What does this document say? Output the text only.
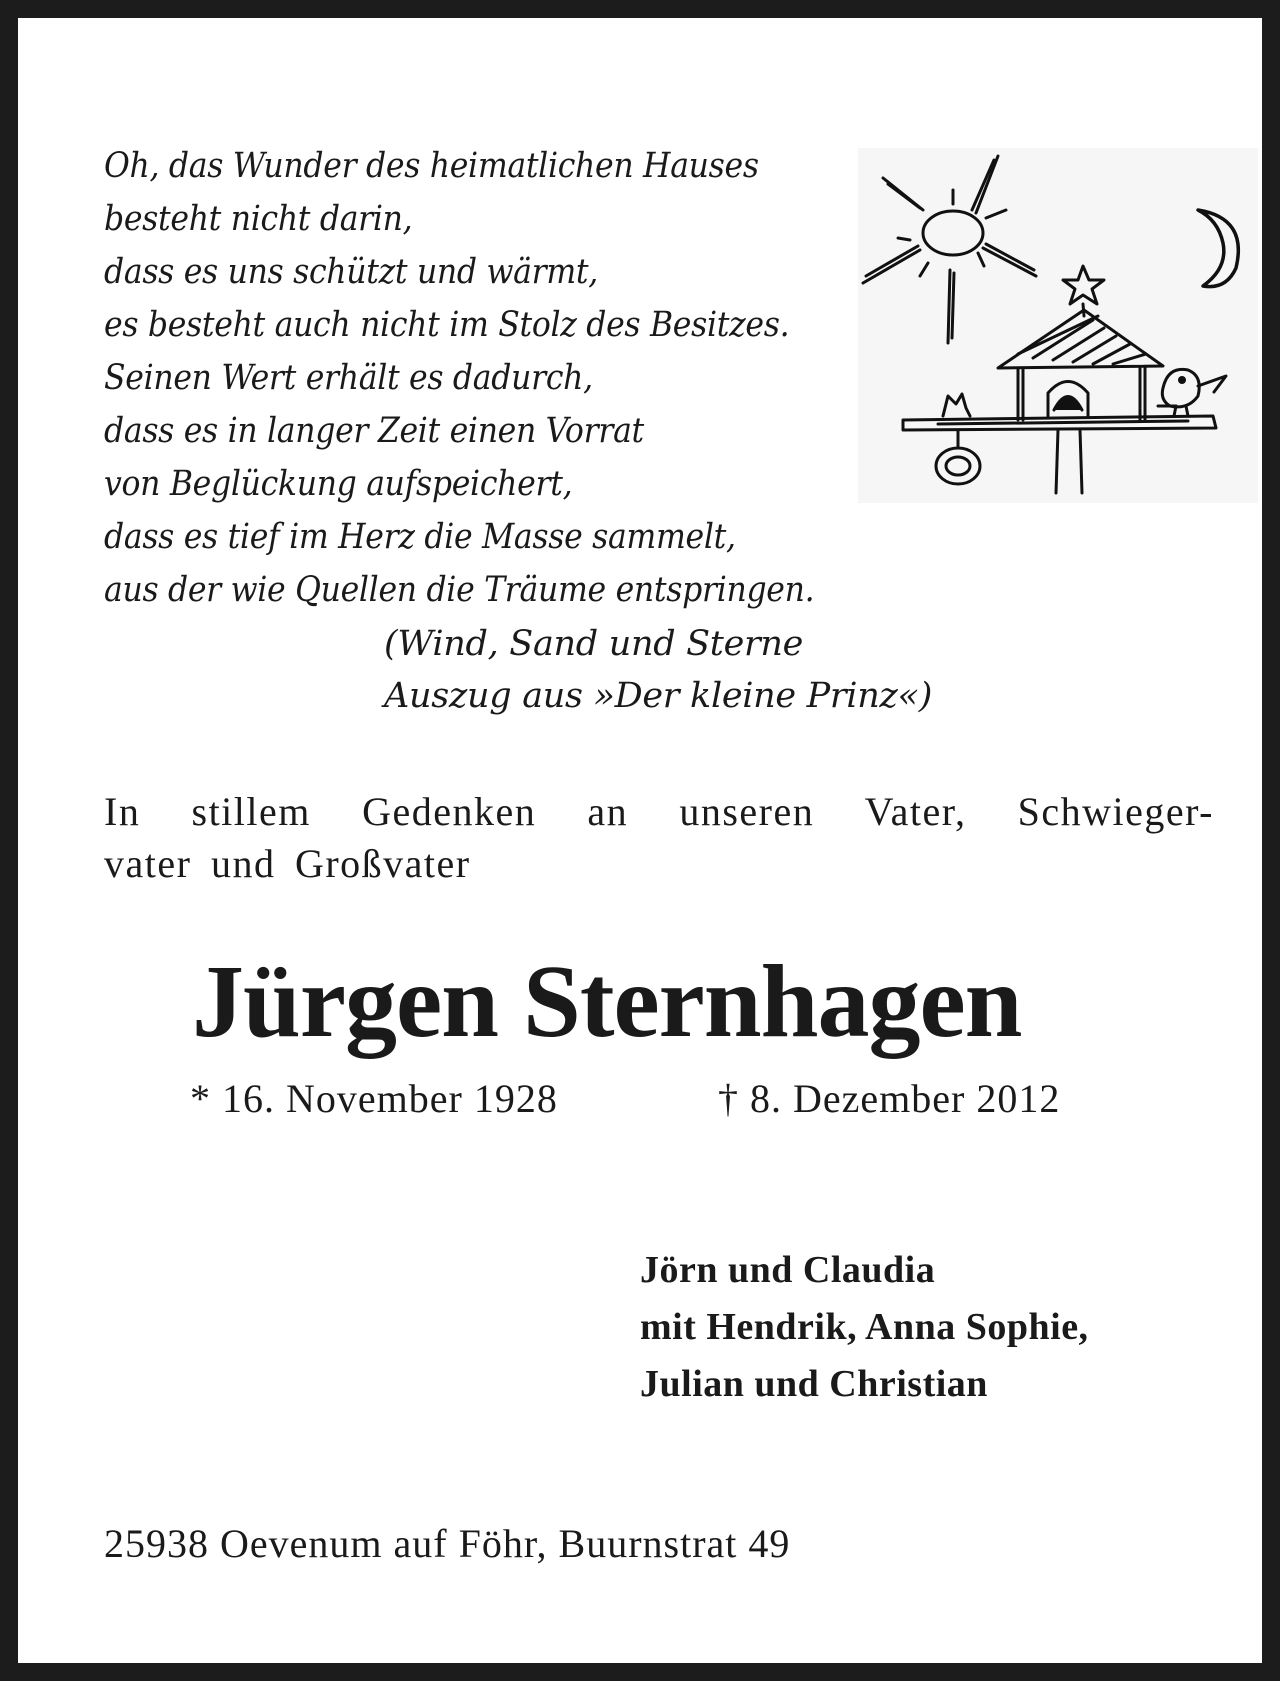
Oh, das Wunder des heimatlichen Hauses
besteht nicht darin,
dass es uns schützt und wärmt,
es besteht auch nicht im Stolz des Besitzes.
Seinen Wert erhält es dadurch,
dass es in langer Zeit einen Vorrat
von Beglückung aufspeichert,
dass es tief im Herz die Masse sammelt,
aus der wie Quellen die Träume entspringen.
(Wind, Sand und Sterne
Auszug aus »Der kleine Prinz«)
In stillem Gedenken an unseren Vater, Schwieger-
vater und Großvater
Jürgen Sternhagen
* 16. November 1928	† 8. Dezember 2012
Jörn und Claudia
mit Hendrik, Anna Sophie,
Julian und Christian
25938 Oevenum auf Föhr, Buurnstrat 49
